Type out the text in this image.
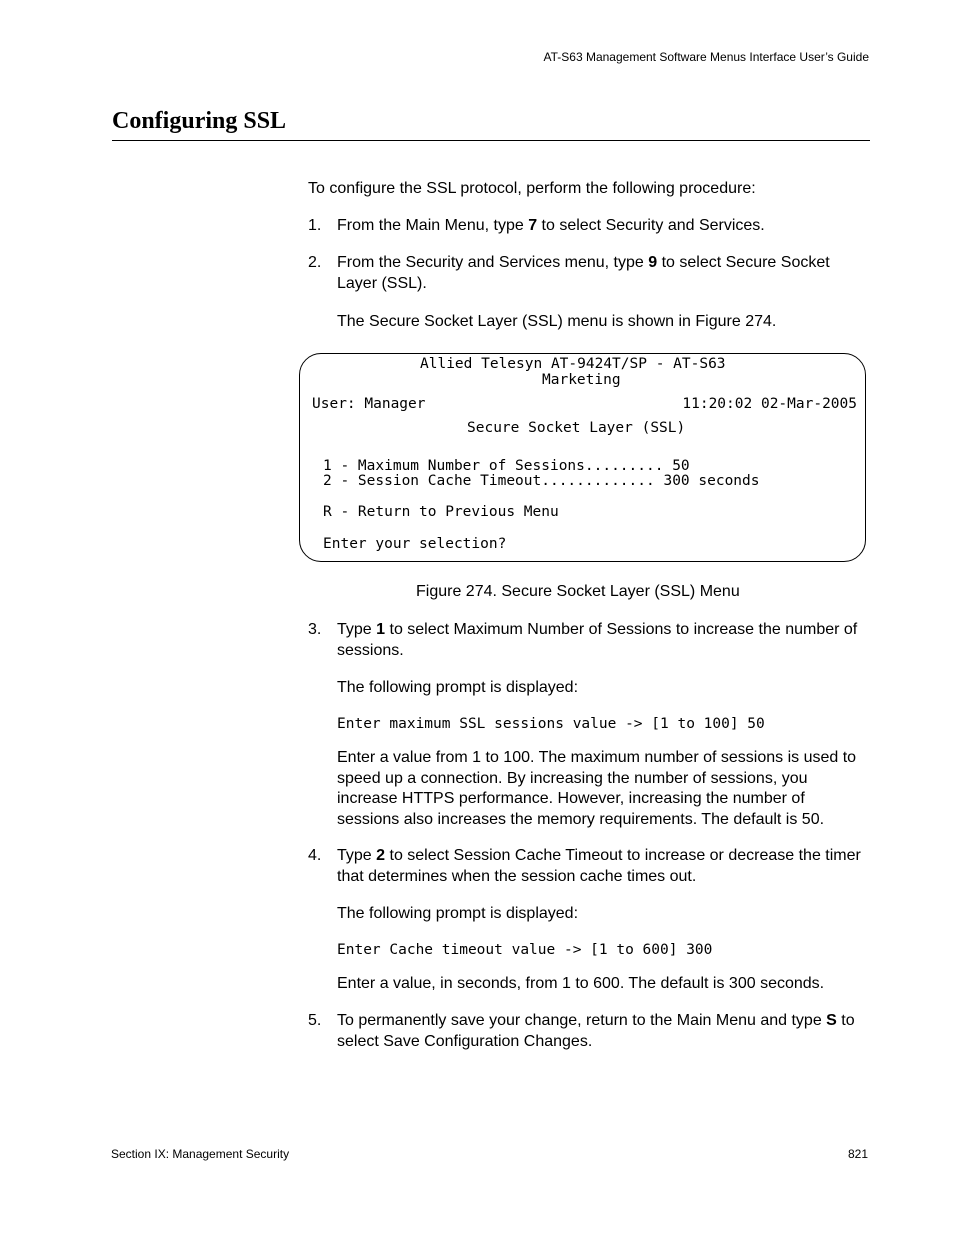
AT-S63 Management Software Menus Interface User’s Guide
Configuring SSL
To configure the SSL protocol, perform the following procedure:
1. From the Main Menu, type 7 to select Security and Services.
2. From the Security and Services menu, type 9 to select Secure Socket Layer (SSL).
The Secure Socket Layer (SSL) menu is shown in Figure 274.
Allied Telesyn AT-9424T/SP - AT-S63
Marketing
User: Manager	11:20:02 02-Mar-2005
Secure Socket Layer (SSL)
1 - Maximum Number of Sessions......... 50
2 - Session Cache Timeout............. 300 seconds
R - Return to Previous Menu
Enter your selection?
Figure 274. Secure Socket Layer (SSL) Menu
3. Type 1 to select Maximum Number of Sessions to increase the number of sessions.
The following prompt is displayed:
Enter maximum SSL sessions value -> [1 to 100] 50
Enter a value from 1 to 100. The maximum number of sessions is used to speed up a connection. By increasing the number of sessions, you increase HTTPS performance. However, increasing the number of sessions also increases the memory requirements. The default is 50.
4. Type 2 to select Session Cache Timeout to increase or decrease the timer that determines when the session cache times out.
The following prompt is displayed:
Enter Cache timeout value -> [1 to 600] 300
Enter a value, in seconds, from 1 to 600. The default is 300 seconds.
5. To permanently save your change, return to the Main Menu and type S to select Save Configuration Changes.
Section IX: Management Security	821
